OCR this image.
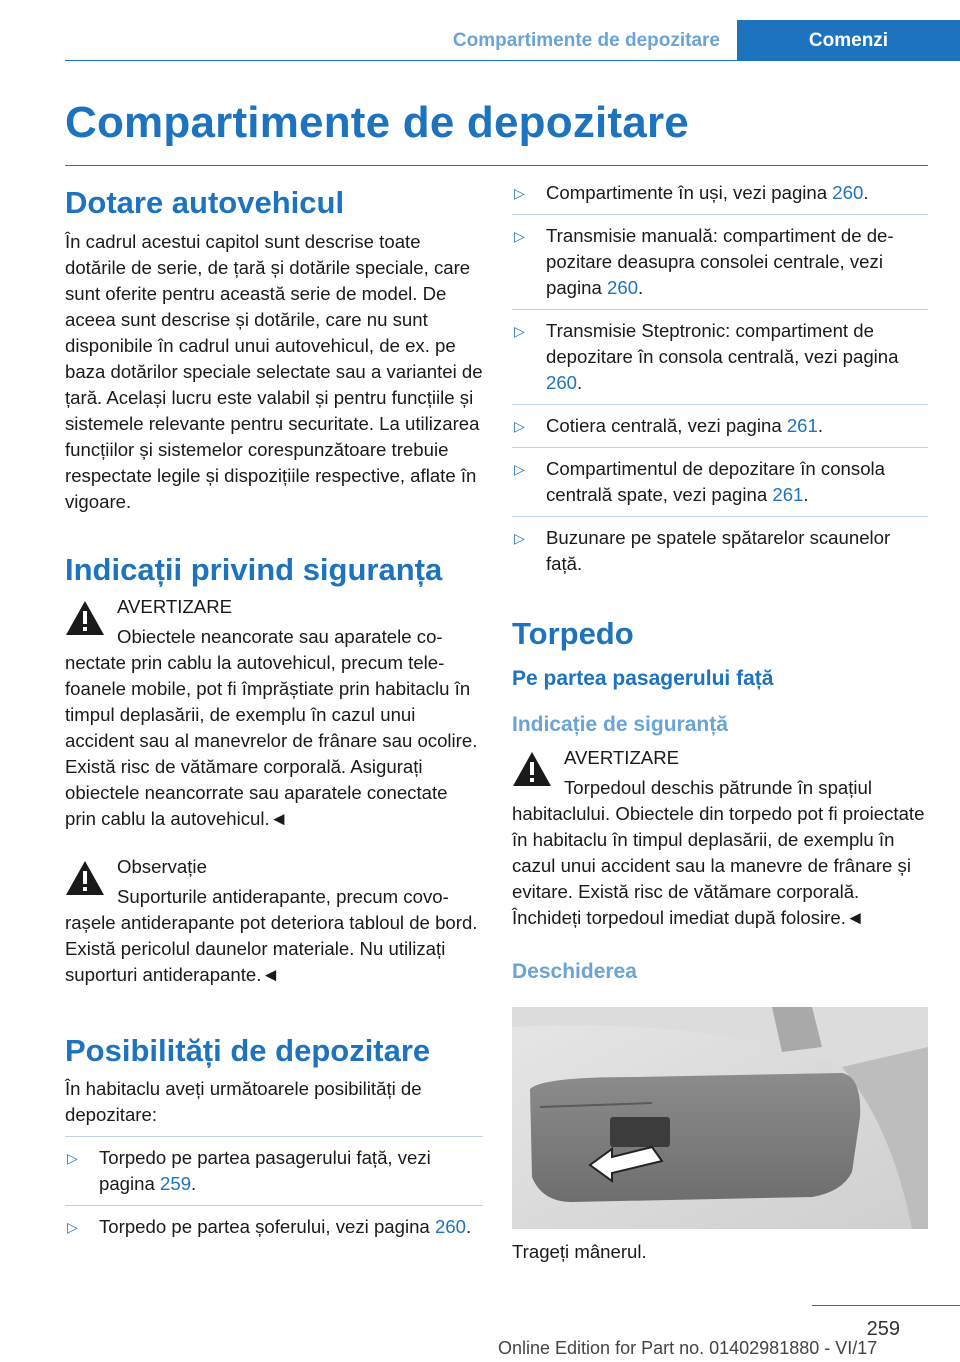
Compartimente de depozitare	Comenzi
Compartimente de depozitare
Dotare autovehicul

În cadrul acestui capitol sunt descrise toate dotările de serie, de țară și dotările speciale, care sunt oferite pentru această serie de model. De aceea sunt descrise și dotările, care nu sunt disponibile în cadrul unui autovehicul, de ex. pe baza dotărilor speciale selectate sau a variantei de țară. Același lucru este valabil și pentru funcțiile și sistemele relevante pentru securitate. La utilizarea funcțiilor și sistemelor corespunzătoare trebuie respectate legile și dispozițiile respective, aflate în vigoare.

Indicații privind siguranța
AVERTIZARE
Obiectele neancorate sau aparatele conectate prin cablu la autovehicul, precum telefoanele mobile, pot fi împrăștiate prin habitaclu în timpul deplasării, de exemplu în cazul unui accident sau al manevrelor de frânare sau ocolire. Există risc de vătămare corporală. Asigurați obiectele neancorrate sau aparatele conectate prin cablu la autovehicul.◄
Observație
Suporturile antiderapante, precum covorașele antiderapante pot deteriora tabloul de bord. Există pericolul daunelor materiale. Nu utilizați suporturi antiderapante.◄
Posibilități de depozitare

În habitaclu aveți următoarele posibilități de depozitare:

▷ Torpedo pe partea pasagerului față, vezi pagina 259.
▷ Torpedo pe partea șoferului, vezi pagina 260.
▷ Compartimente în uși, vezi pagina 260.
▷ Transmisie manuală: compartiment de depozitare deasupra consolei centrale, vezi pagina 260.
▷ Transmisie Steptronic: compartiment de depozitare în consola centrală, vezi pagina 260.
▷ Cotiera centrală, vezi pagina 261.
▷ Compartimentul de depozitare în consola centrală spate, vezi pagina 261.
▷ Buzunare pe spatele spătarelor scaunelor față.
Torpedo
Pe partea pasagerului față
Indicație de siguranță
AVERTIZARE
Torpedoul deschis pătrunde în spațiul habitaclului. Obiectele din torpedo pot fi proiectate în habitaclu în timpul deplasării, de exemplu în cazul unui accident sau la manevre de frânare și evitare. Există risc de vătămare corporală. Închideți torpedoul imediat după folosire.◄
Deschiderea

Trageți mânerul.

259
Online Edition for Part no. 01402981880 - VI/17
